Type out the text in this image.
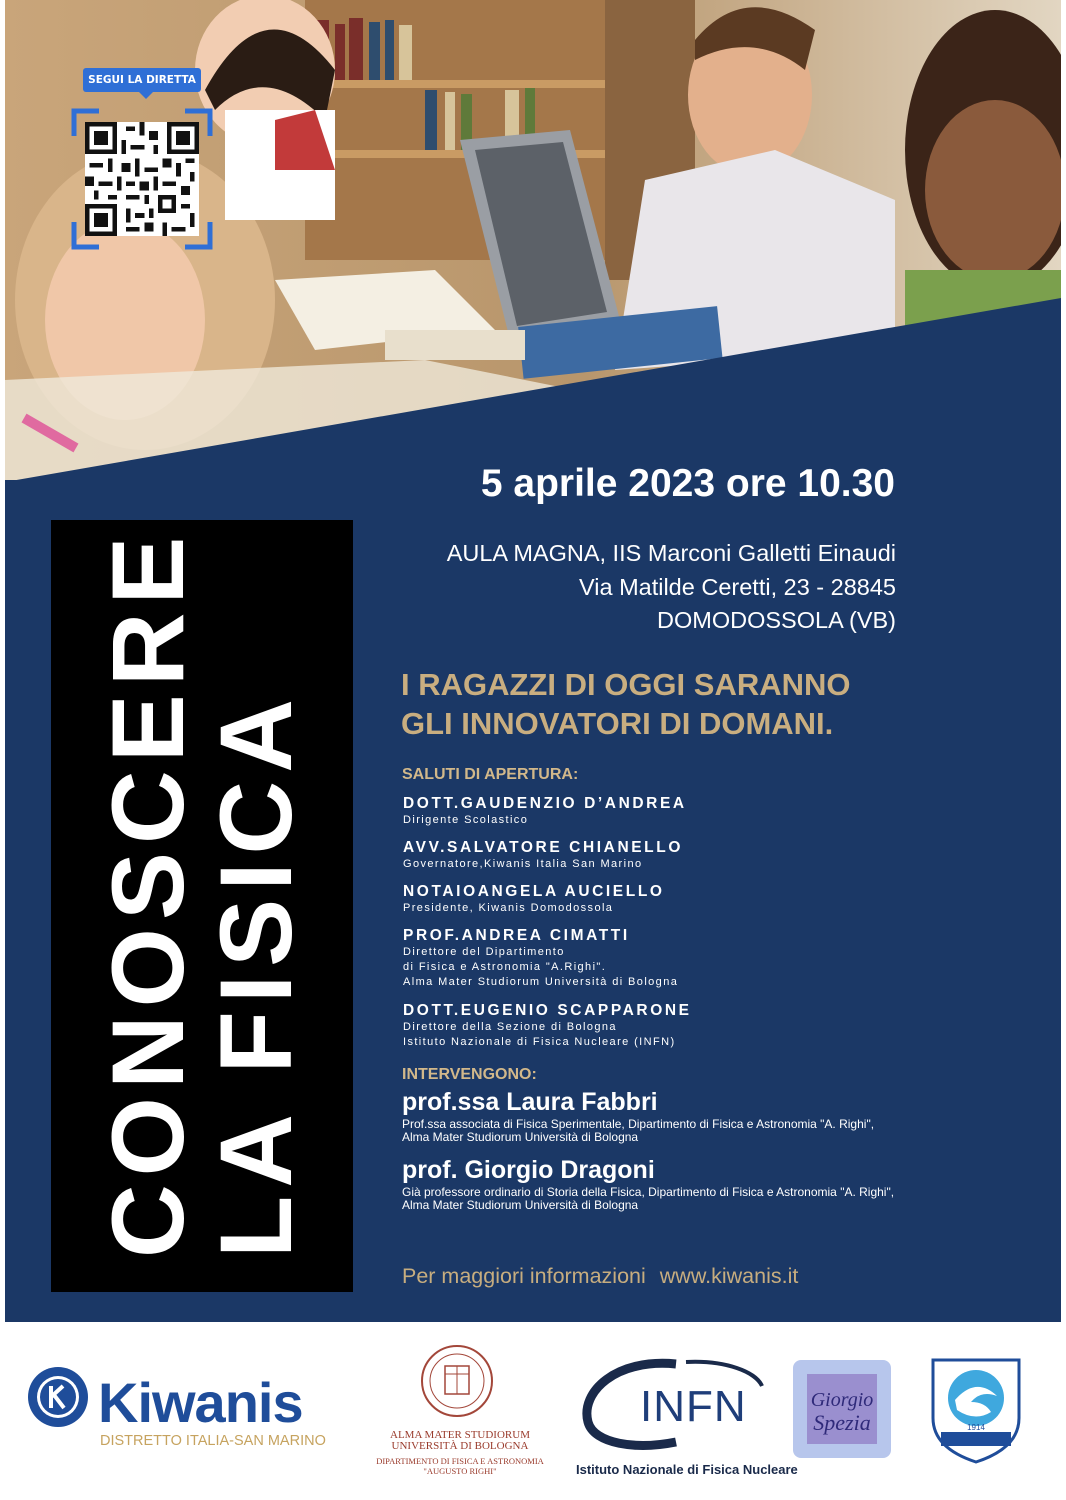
SEGUI LA DIRETTA
CONOSCERE
LA FISICA
5 aprile 2023 ore 10.30
AULA MAGNA, IIS Marconi Galletti Einaudi
Via Matilde Ceretti, 23 - 28845
DOMODOSSOLA (VB)
I RAGAZZI DI OGGI SARANNO
GLI INNOVATORI DI DOMANI.
SALUTI DI APERTURA:
DOTT.GAUDENZIO D’ANDREA
Dirigente Scolastico
AVV.SALVATORE CHIANELLO
Governatore,Kiwanis Italia San Marino
NOTAIOANGELA AUCIELLO
Presidente, Kiwanis Domodossola
PROF.ANDREA CIMATTI
Direttore del Dipartimento
di Fisica e Astronomia "A.Righi".
Alma Mater Studiorum Università di Bologna
DOTT.EUGENIO SCAPPARONE
Direttore della Sezione di Bologna
Istituto Nazionale di Fisica Nucleare (INFN)
INTERVENGONO:
prof.ssa Laura Fabbri
Prof.ssa associata di Fisica Sperimentale, Dipartimento di Fisica e Astronomia "A. Righi",
Alma Mater Studiorum Università di Bologna
prof. Giorgio Dragoni
Già professore ordinario di Storia della Fisica, Dipartimento di Fisica e Astronomia "A. Righi",
Alma Mater Studiorum Università di Bologna
Per maggiori informazioni www.kiwanis.it
Giorgio
Spezia	1914
Kiwanis
DISTRETTO ITALIA-SAN MARINO	ALMA MATER STUDIORUM
UNIVERSITÀ DI BOLOGNA
DIPARTIMENTO DI FISICA E ASTRONOMIA
"AUGUSTO RIGHI"
INFN
Istituto Nazionale di Fisica Nucleare
